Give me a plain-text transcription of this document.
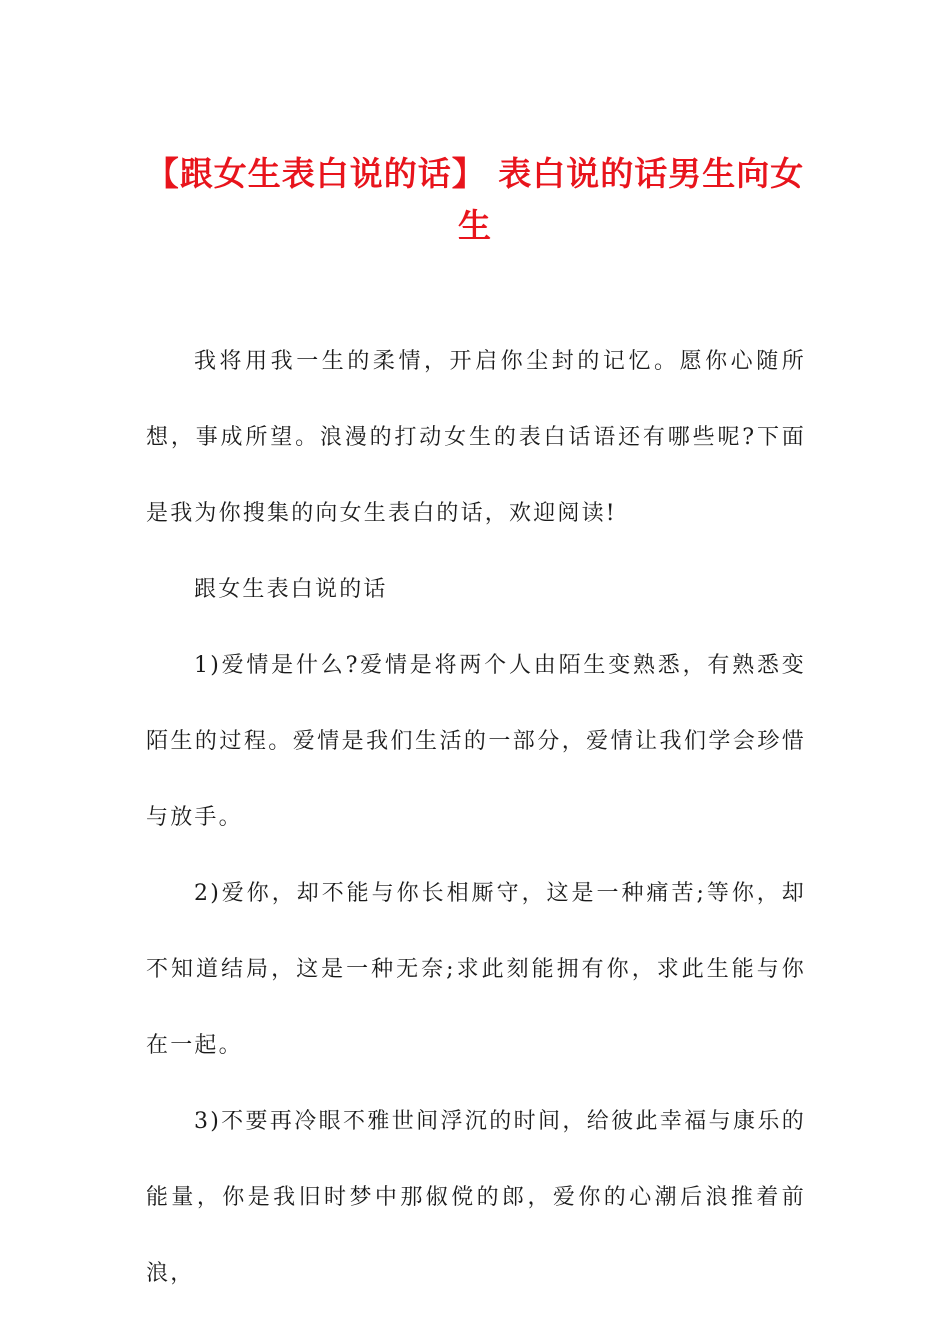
【跟女生表白说的话】 表白说的话男生向女生

我将用我一生的柔情，开启你尘封的记忆。愿你心随所想，事成所望。浪漫的打动女生的表白话语还有哪些呢?下面是我为你搜集的向女生表白的话，欢迎阅读!

跟女生表白说的话

1)爱情是什么?爱情是将两个人由陌生变熟悉，有熟悉变陌生的过程。爱情是我们生活的一部分，爱情让我们学会珍惜与放手。

2)爱你，却不能与你长相厮守，这是一种痛苦;等你，却不知道结局，这是一种无奈;求此刻能拥有你，求此生能与你在一起。

3)不要再冷眼不雅世间浮沉的时间，给彼此幸福与康乐的能量，你是我旧时梦中那俶傥的郎，爱你的心潮后浪推着前浪，
